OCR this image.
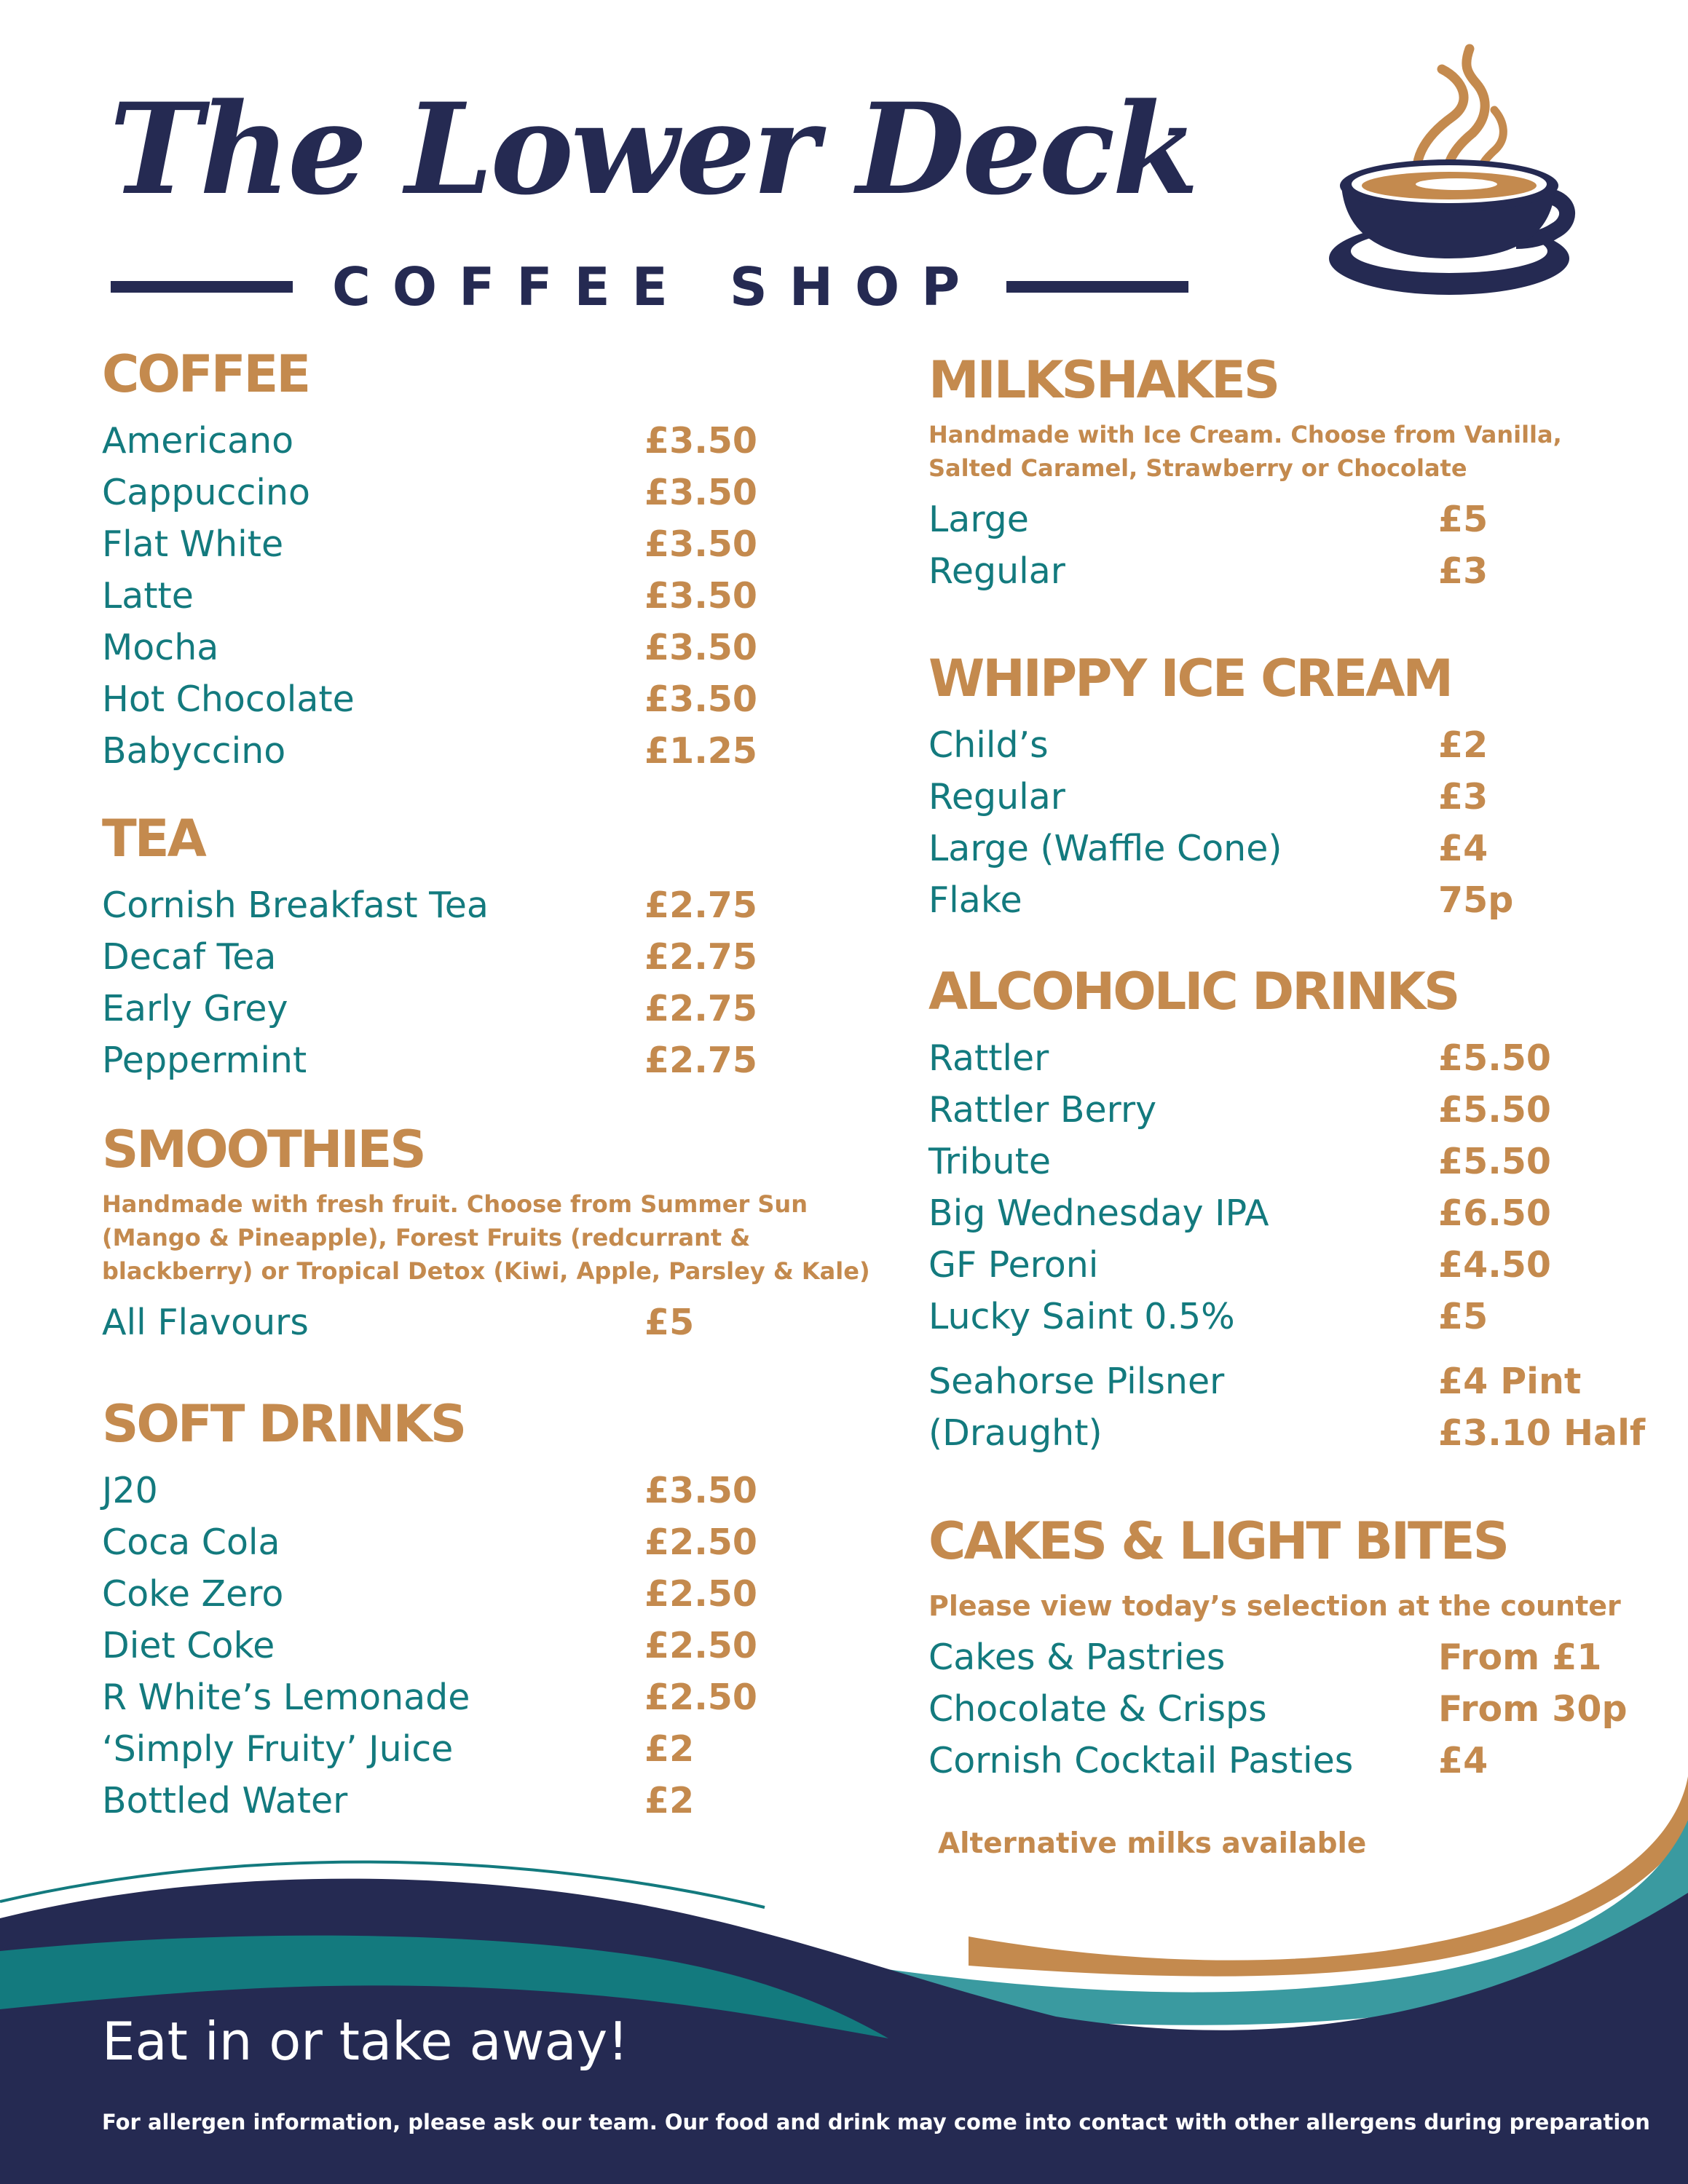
The Lower Deck
COFFEE SHOP
COFFEE
Americano	£3.50
Cappuccino	£3.50
Flat White	£3.50
Latte	£3.50
Mocha	£3.50
Hot Chocolate	£3.50
Babyccino	£1.25
TEA
Cornish Breakfast Tea	£2.75
Decaf Tea	£2.75
Early Grey	£2.75
Peppermint	£2.75
SMOOTHIES
Handmade with fresh fruit. Choose from Summer Sun
(Mango & Pineapple), Forest Fruits (redcurrant &
blackberry) or Tropical Detox (Kiwi, Apple, Parsley & Kale)
All Flavours	£5
SOFT DRINKS
J20	£3.50
Coca Cola	£2.50
Coke Zero	£2.50
Diet Coke	£2.50
R White’s Lemonade	£2.50
‘Simply Fruity’ Juice	£2
Bottled Water	£2
MILKSHAKES
Handmade with Ice Cream. Choose from Vanilla,
Salted Caramel, Strawberry or Chocolate
Large	£5
Regular	£3
WHIPPY ICE CREAM
Child’s	£2
Regular	£3
Large (Waffle Cone)	£4
Flake	75p
ALCOHOLIC DRINKS
Rattler	£5.50
Rattler Berry	£5.50
Tribute	£5.50
Big Wednesday IPA	£6.50
GF Peroni	£4.50
Lucky Saint 0.5%	£5
Seahorse Pilsner	£4 Pint
(Draught)	£3.10 Half
CAKES & LIGHT BITES
Please view today’s selection at the counter
Cakes & Pastries	From £1
Chocolate & Crisps	From 30p
Cornish Cocktail Pasties £4
Alternative milks available

Eat in or take away!

For allergen information, please ask our team. Our food and drink may come into contact with other allergens during preparation
